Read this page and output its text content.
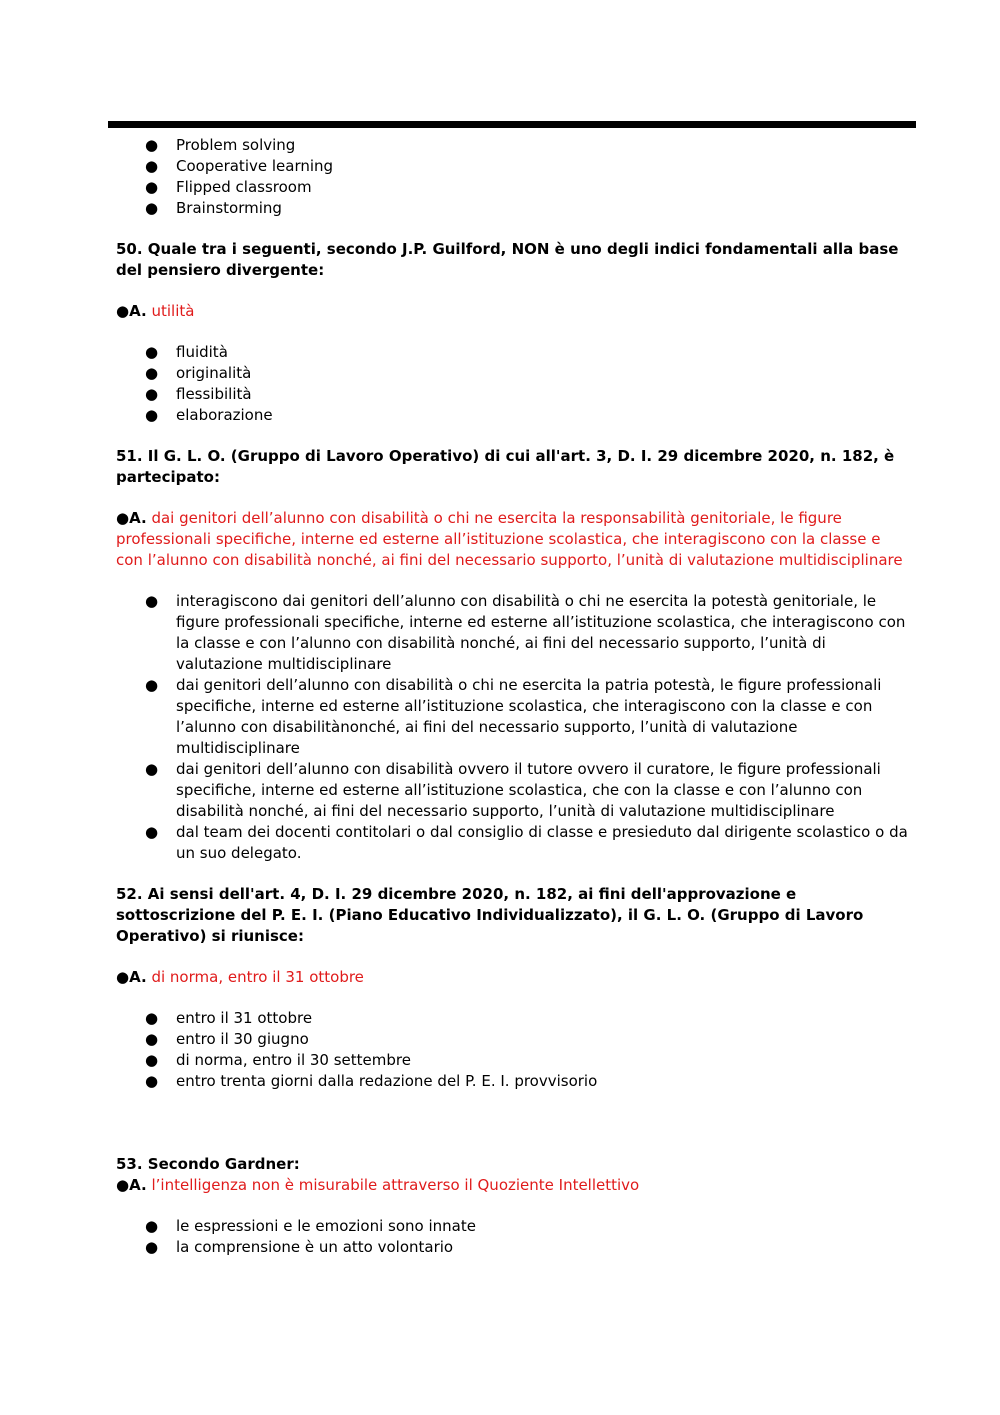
● Problem solving
● Cooperative learning
● Flipped classroom
● Brainstorming

50. Quale tra i seguenti, secondo J.P. Guilford, NON è uno degli indici fondamentali alla base del pensiero divergente:

●A. utilità

● fluidità
● originalità
● flessibilità
● elaborazione

51. Il G. L. O. (Gruppo di Lavoro Operativo) di cui all'art. 3, D. I. 29 dicembre 2020, n. 182, è partecipato:

●A. dai genitori dell’alunno con disabilità o chi ne esercita la responsabilità genitoriale, le figure professionali specifiche, interne ed esterne all’istituzione scolastica, che interagiscono con la classe e con l’alunno con disabilità nonché, ai fini del necessario supporto, l’unità di valutazione multidisciplinare

● interagiscono dai genitori dell’alunno con disabilità o chi ne esercita la potestà genitoriale, le figure professionali specifiche, interne ed esterne all’istituzione scolastica, che interagiscono con la classe e con l’alunno con disabilità nonché, ai fini del necessario supporto, l’unità di valutazione multidisciplinare
● dai genitori dell’alunno con disabilità o chi ne esercita la patria potestà, le figure professionali specifiche, interne ed esterne all’istituzione scolastica, che interagiscono con la classe e con l’alunno con disabilitànonché, ai fini del necessario supporto, l’unità di valutazione multidisciplinare
● dai genitori dell’alunno con disabilità ovvero il tutore ovvero il curatore, le figure professionali specifiche, interne ed esterne all’istituzione scolastica, che con la classe e con l’alunno con disabilità nonché, ai fini del necessario supporto, l’unità di valutazione multidisciplinare
● dal team dei docenti contitolari o dal consiglio di classe e presieduto dal dirigente scolastico o da un suo delegato.

52. Ai sensi dell'art. 4, D. I. 29 dicembre 2020, n. 182, ai fini dell'approvazione e sottoscrizione del P. E. I. (Piano Educativo Individualizzato), il G. L. O. (Gruppo di Lavoro Operativo) si riunisce:

●A. di norma, entro il 31 ottobre

● entro il 31 ottobre
● entro il 30 giugno
● di norma, entro il 30 settembre
● entro trenta giorni dalla redazione del P. E. I. provvisorio

53. Secondo Gardner:

●A. l’intelligenza non è misurabile attraverso il Quoziente Intellettivo

● le espressioni e le emozioni sono innate
● la comprensione è un atto volontario
